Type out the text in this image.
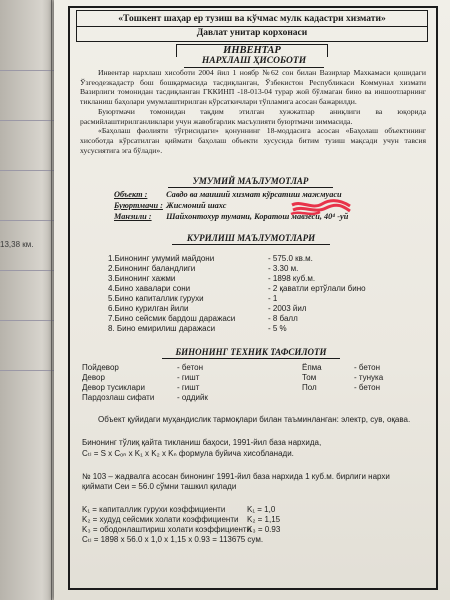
13,38 км.
«Тошкент шаҳар ер тузиш ва кўчмас мулк кадастри хизмати»
Давлат унитар корхонаси
ИНВЕНТАР
НАРХЛАШ ҲИСОБОТИ

Инвентар нархлаш хисоботи 2004 йил 1 ноябр №62 сон билан Вазирлар Махкамаси қошидаги Ўзгеодезкадастр бош бошқармасида тасдиқланган, Ўзбекистон Республикаси Коммунал хизмати Вазирлиги томонидан тасдиқланган ГККИНП -18-013-04 турар жой бўлмаган бино ва иншоотларнинг тикланиш баҳолари умумлаштирилган кўрсаткичлари тўпламига асосан бажарилди.

Буюртмачи томонидан тақдим этилган хужжатлар аниқлиги ва юқорида расмийлаштирилганликлари учун жавобгарлик масъулияти буюртмачи зиммасида.

«Баҳолаш фаолияти тўғрисидаги» қонуннинг 18-моддасига асосан «Баҳолаш объектининг хисоботда кўрсатилган қиймати баҳолаш объекти хусусида битим тузиш мақсади учун тавсия хусусиятига эга бўлади».

УМУМИЙ МАЪЛУМОТЛАР
Объект : Савдо ва маиший хизмат кўрсатиш мажмуаси
Буюртмачи : Жисмоний шахс
Манзили : Шайхонтохур тумани, Коратош мавзеси, 40⁴ -уй
КУРИЛИШ МАЪЛУМОТЛАРИ
1.Бинонинг умумий майдони	- 575.0 кв.м.
2.Бинонинг баландлиги	- 3.30 м.
3.Бинонинг хажми	- 1898 куб.м.
4.Бино хавалари сони	- 2 қаватли ертўлали бино
5.Бино капиталлик гурухи	- 1
6.Бино курилган йили	- 2003 йил
7.Бино сейсмик бардош даражаси	- 8 балл
8. Бино емирилиш даражаси	- 5 %
БИНОНИНГ ТЕХНИК ТАФСИЛОТИ
Пойдевор	- бетон	Ёпма	- бетон
Девор	- гишт	Том	- тунука
Девор тусиклари	- гишт	Пол	- бетон
Пардозлаш сифати	- оддийк
Объект қуйидаги муҳандислик тармоқлари билан таъминланган: электр, сув, оқава.
Бинонинг тўлиқ қайта тикланиш баҳоси, 1991-йил база нархида,
Cₜₗ = S x Cₒₙ x K₁ x K₂ x Kₙ формула буйича хисобланади.
№ 103 – жадвалга асосан бинонинг 1991-йил база нархида 1 куб.м. бирлиги нархи қиймати Сеи = 56.0 сўмни ташкил қилади
K₁ = капиталлик гурухи коэффициенти	K₁ = 1,0
K₂ = худуд сейсмик холати коэффициенти K₂ = 1,15
K₃ = ободонлаштириш холати коэффициентиK₃ = 0.93
Cₜₗ = 1898 x 56.0 x 1,0 x 1,15 x 0.93 = 113675 сум.
